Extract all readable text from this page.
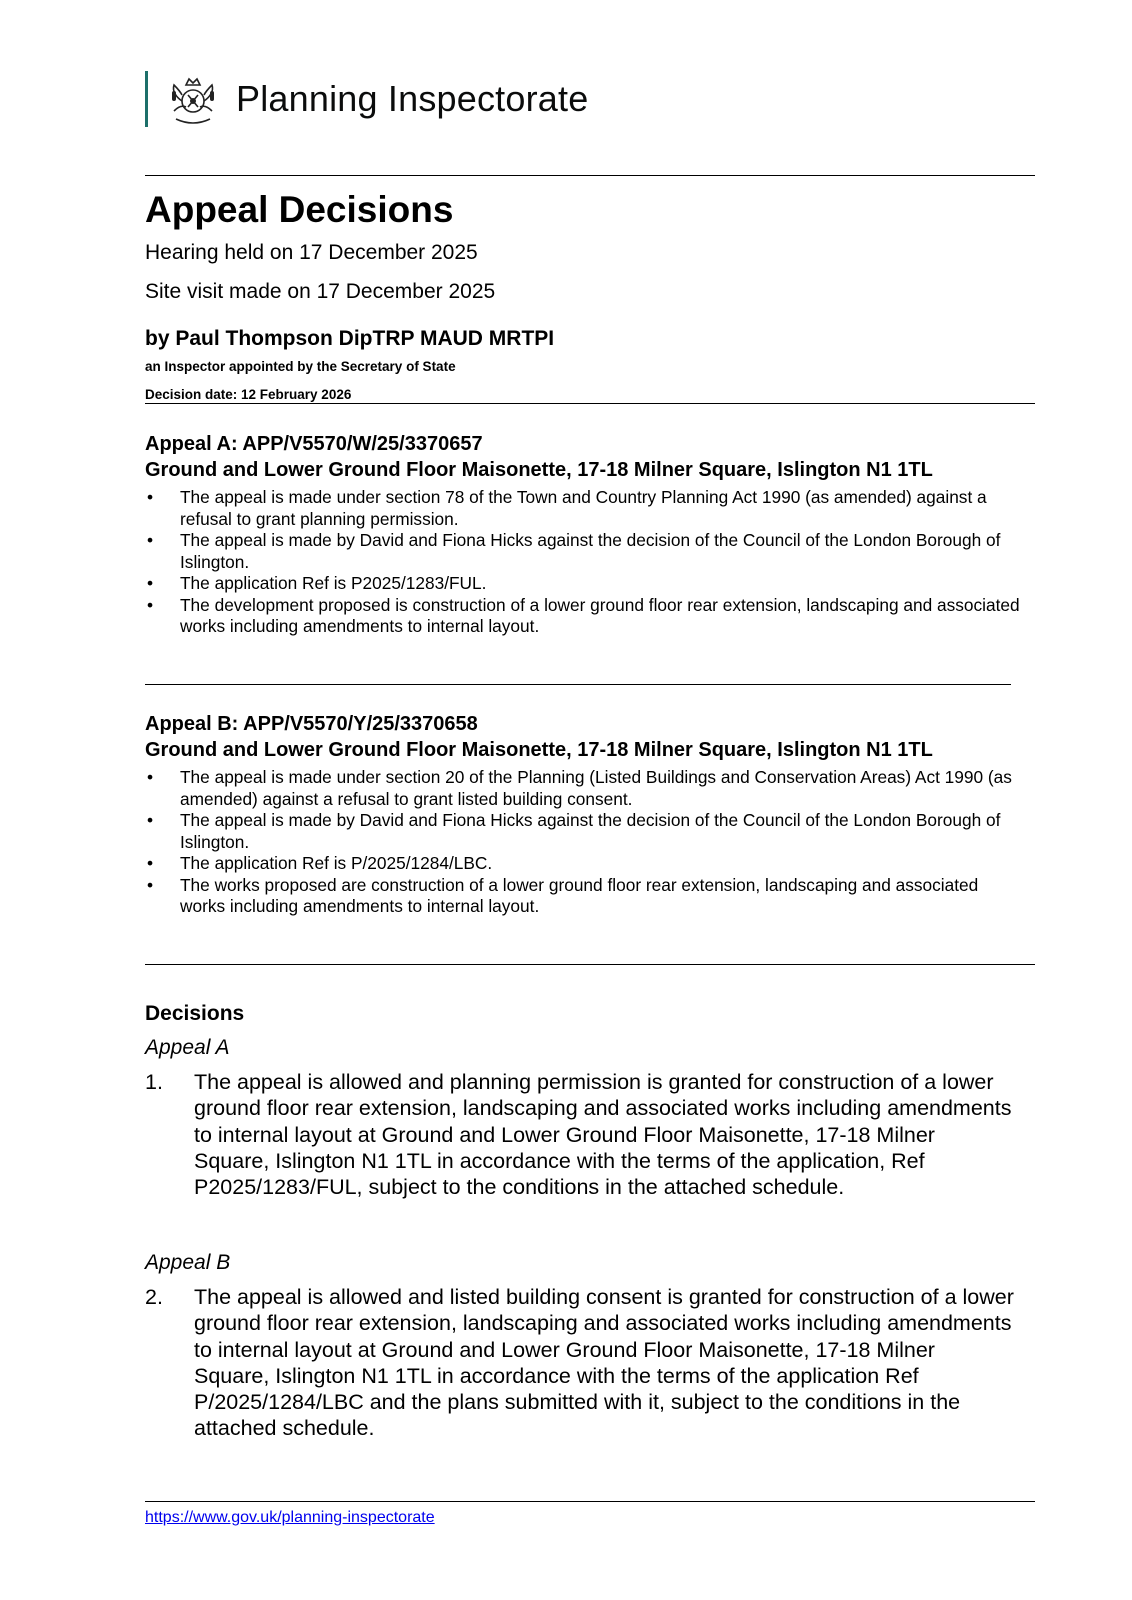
Planning Inspectorate
Appeal Decisions
Hearing held on 17 December 2025
Site visit made on 17 December 2025
by Paul Thompson DipTRP MAUD MRTPI
an Inspector appointed by the Secretary of State
Decision date: 12 February 2026

Appeal A: APP/V5570/W/25/3370657

Ground and Lower Ground Floor Maisonette, 17-18 Milner Square, Islington N1 1TL

• The appeal is made under section 78 of the Town and Country Planning Act 1990 (as amended) against a refusal to grant planning permission.
• The appeal is made by David and Fiona Hicks against the decision of the Council of the London Borough of Islington.
• The application Ref is P2025/1283/FUL.
• The development proposed is construction of a lower ground floor rear extension, landscaping and associated works including amendments to internal layout.

Appeal B: APP/V5570/Y/25/3370658

Ground and Lower Ground Floor Maisonette, 17-18 Milner Square, Islington N1 1TL

• The appeal is made under section 20 of the Planning (Listed Buildings and Conservation Areas) Act 1990 (as amended) against a refusal to grant listed building consent.
• The appeal is made by David and Fiona Hicks against the decision of the Council of the London Borough of Islington.
• The application Ref is P/2025/1284/LBC.
• The works proposed are construction of a lower ground floor rear extension, landscaping and associated works including amendments to internal layout.
Decisions
Appeal A
1. The appeal is allowed and planning permission is granted for construction of a lower ground floor rear extension, landscaping and associated works including amendments to internal layout at Ground and Lower Ground Floor Maisonette, 17-18 Milner Square, Islington N1 1TL in accordance with the terms of the application, Ref P2025/1283/FUL, subject to the conditions in the attached schedule.
Appeal B
2. The appeal is allowed and listed building consent is granted for construction of a lower ground floor rear extension, landscaping and associated works including amendments to internal layout at Ground and Lower Ground Floor Maisonette, 17-18 Milner Square, Islington N1 1TL in accordance with the terms of the application Ref P/2025/1284/LBC and the plans submitted with it, subject to the conditions in the attached schedule.
https://www.gov.uk/planning-inspectorate
